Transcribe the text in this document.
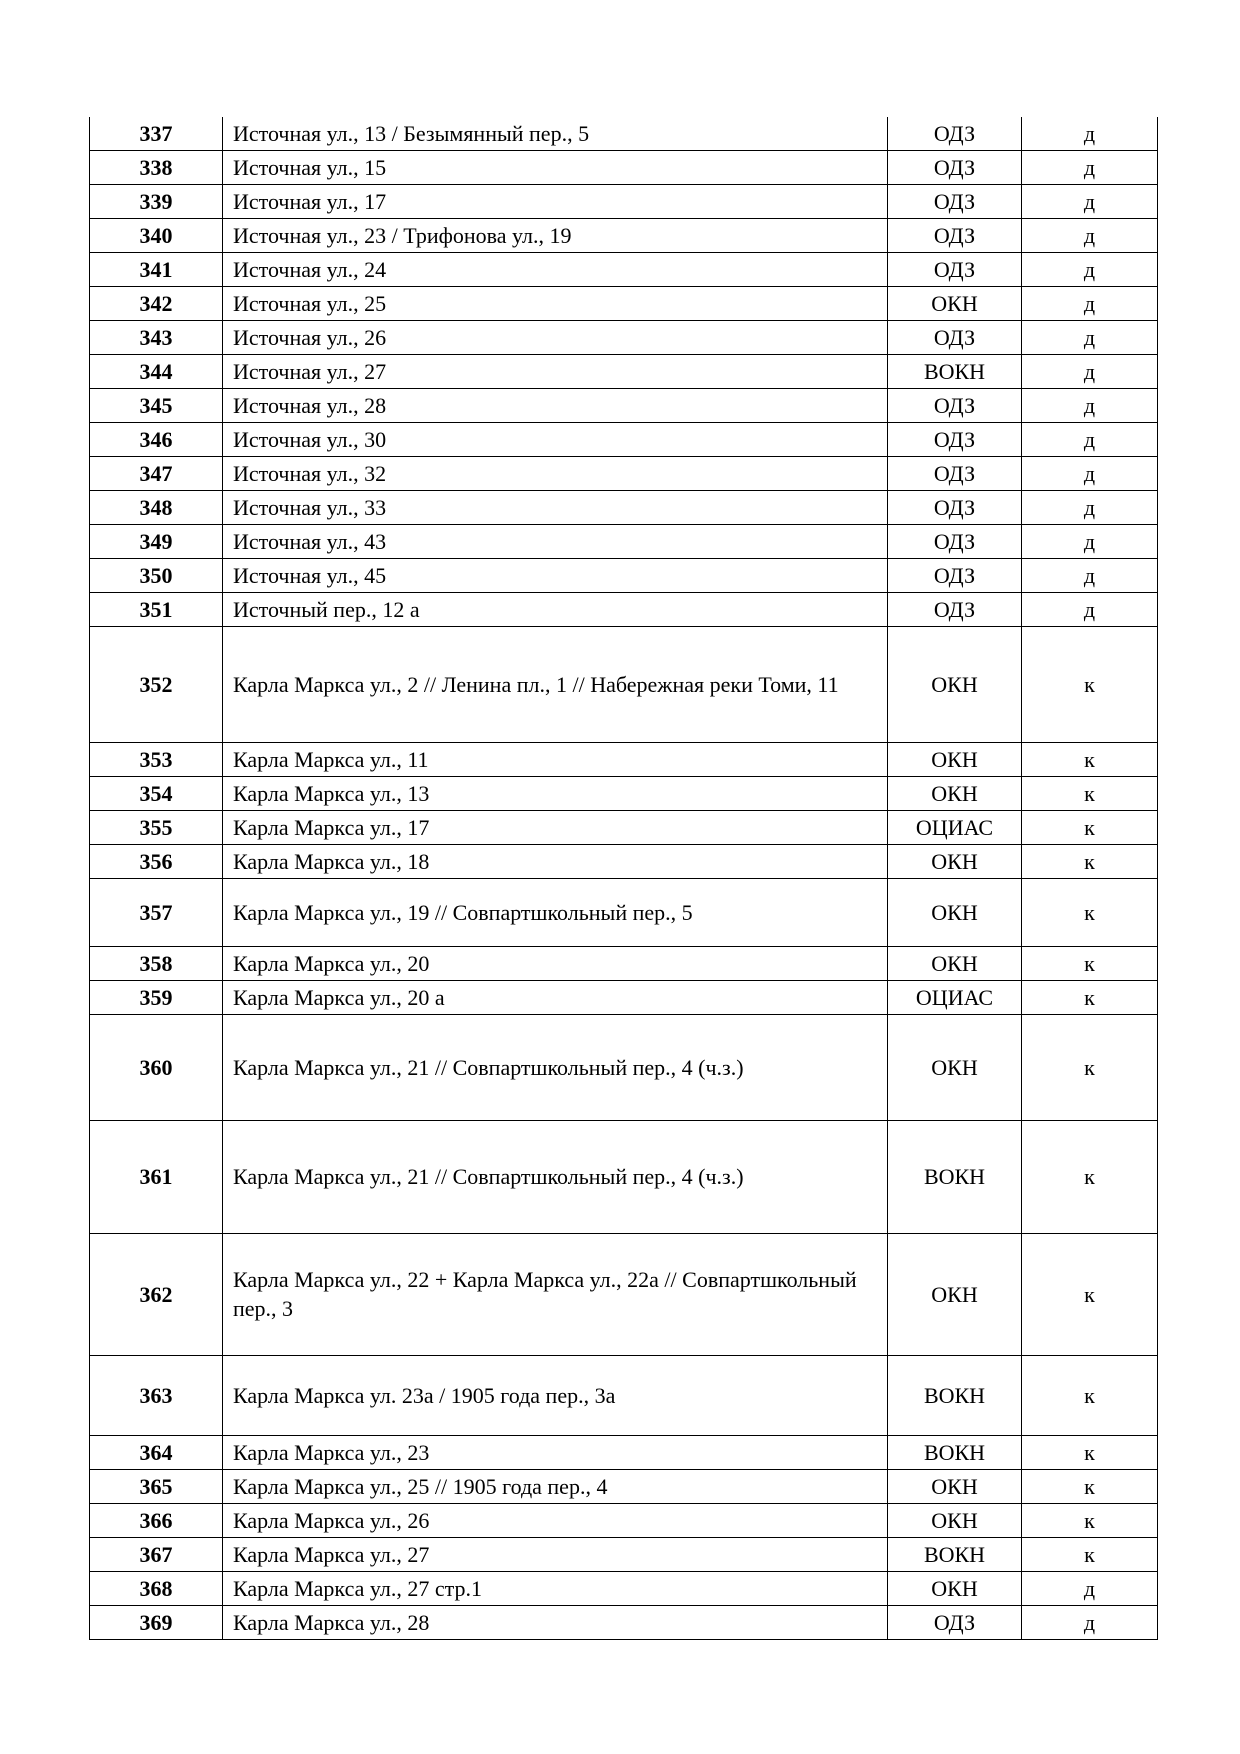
337	Источная ул., 13 / Безымянный пер., 5	ОДЗ	д
338	Источная ул., 15	ОДЗ	д
339	Источная ул., 17	ОДЗ	д
340	Источная ул., 23 / Трифонова ул., 19	ОДЗ	д
341	Источная ул., 24	ОДЗ	д
342	Источная ул., 25	ОКН	д
343	Источная ул., 26	ОДЗ	д
344	Источная ул., 27	ВОКН	д
345	Источная ул., 28	ОДЗ	д
346	Источная ул., 30	ОДЗ	д
347	Источная ул., 32	ОДЗ	д
348	Источная ул., 33	ОДЗ	д
349	Источная ул., 43	ОДЗ	д
350	Источная ул., 45	ОДЗ	д
351	Источный пер., 12 а	ОДЗ	д
352	Карла Маркса ул., 2 // Ленина пл., 1 // Набережная реки Томи, 11	ОКН	к
353	Карла Маркса ул., 11	ОКН	к
354	Карла Маркса ул., 13	ОКН	к
355	Карла Маркса ул., 17	ОЦИАС	к
356	Карла Маркса ул., 18	ОКН	к
357	Карла Маркса ул., 19 // Совпартшкольный пер., 5	ОКН	к
358	Карла Маркса ул., 20	ОКН	к
359	Карла Маркса ул., 20 а	ОЦИАС	к
360	Карла Маркса ул., 21 // Совпартшкольный пер., 4 (ч.з.)	ОКН	к
361	Карла Маркса ул., 21 // Совпартшкольный пер., 4 (ч.з.)	ВОКН	к
362	Карла Маркса ул., 22 + Карла Маркса ул., 22а // Совпартшкольный пер., 3	ОКН	к
363	Карла Маркса ул. 23а / 1905 года пер., 3а	ВОКН	к
364	Карла Маркса ул., 23	ВОКН	к
365	Карла Маркса ул., 25 // 1905 года пер., 4	ОКН	к
366	Карла Маркса ул., 26	ОКН	к
367	Карла Маркса ул., 27	ВОКН	к
368	Карла Маркса ул., 27 стр.1	ОКН	д
369	Карла Маркса ул., 28	ОДЗ	д
